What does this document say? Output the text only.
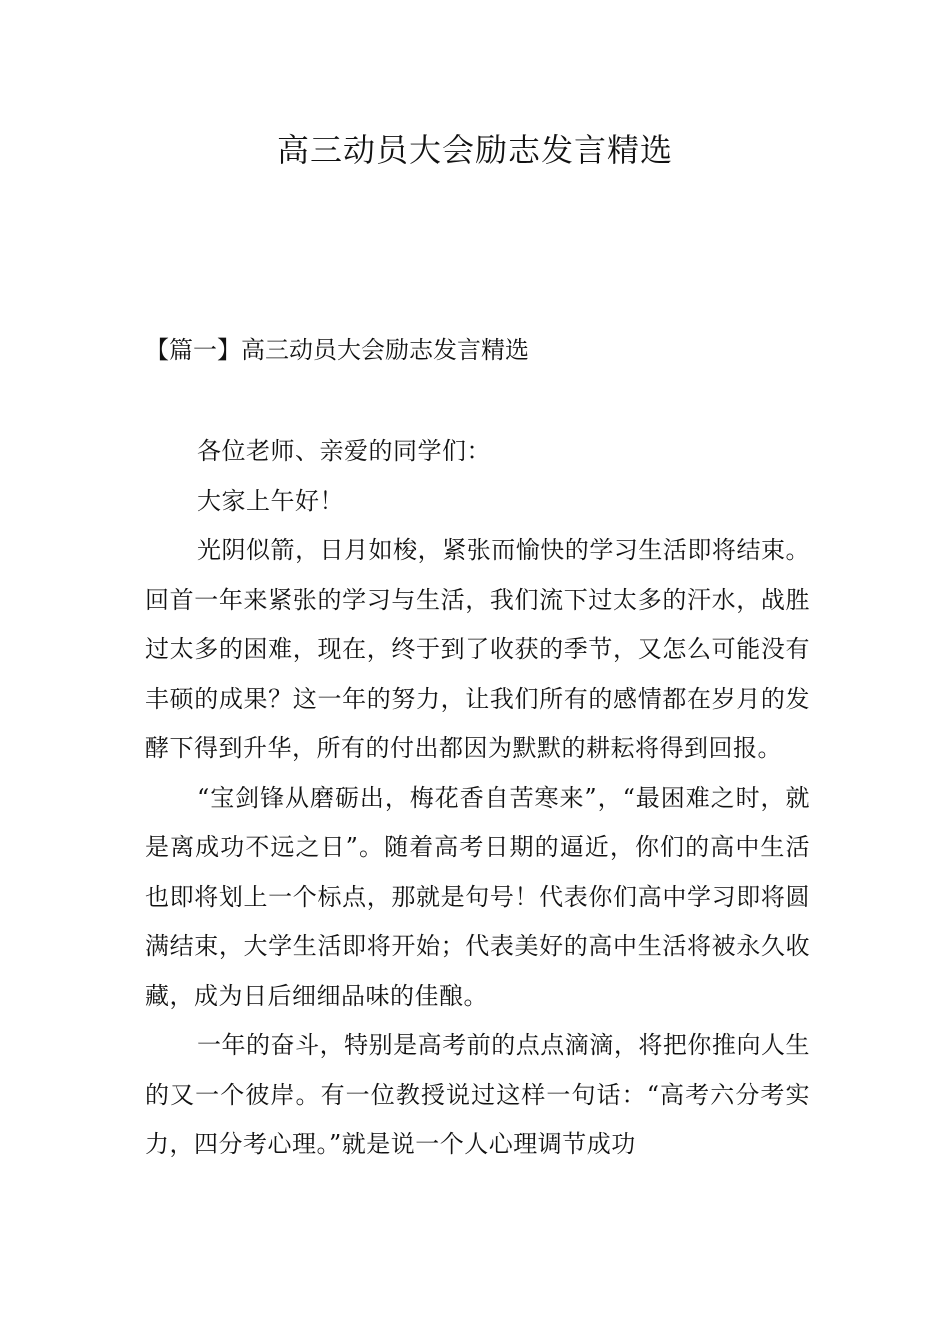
高三动员大会励志发言精选
【篇一】高三动员大会励志发言精选

各位老师、亲爱的同学们：

大家上午好！

光阴似箭，日月如梭，紧张而愉快的学习生活即将结束。回首一年来紧张的学习与生活，我们流下过太多的汗水，战胜过太多的困难，现在，终于到了收获的季节，又怎么可能没有丰硕的成果？这一年的努力，让我们所有的感情都在岁月的发酵下得到升华，所有的付出都因为默默的耕耘将得到回报。

“宝剑锋从磨砺出，梅花香自苦寒来”，“最困难之时，就是离成功不远之日”。随着高考日期的逼近，你们的高中生活也即将划上一个标点，那就是句号！代表你们高中学习即将圆满结束，大学生活即将开始；代表美好的高中生活将被永久收藏，成为日后细细品味的佳酿。

一年的奋斗，特别是高考前的点点滴滴，将把你推向人生的又一个彼岸。有一位教授说过这样一句话：“高考六分考实力，四分考心理。”就是说一个人心理调节成功
